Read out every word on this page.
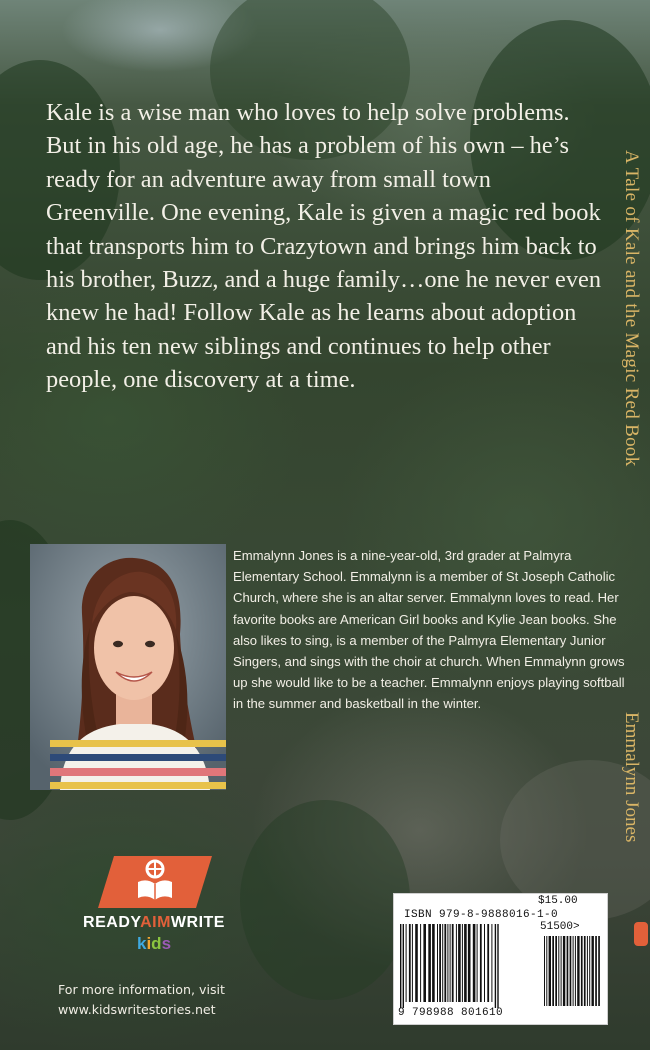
Kale is a wise man who loves to help solve problems. But in his old age, he has a problem of his own – he’s ready for an adventure away from small town Greenville. One evening, Kale is given a magic red book that transports him to Crazytown and brings him back to his brother, Buzz, and a huge family…one he never even knew he had! Follow Kale as he learns about adoption and his ten new siblings and continues to help other people, one discovery at a time.	A Tale of Kale and the Magic Red Book
Emmalynn Jones

Emmalynn Jones is a nine-year-old, 3rd grader at Palmyra Elementary School. Emmalynn is a member of St Joseph Catholic Church, where she is an altar server. Emmalynn loves to read. Her favorite books are American Girl books and Kylie Jean books. She also likes to sing, is a member of the Palmyra Elementary Junior Singers, and sings with the choir at church. When Emmalynn grows up she would like to be a teacher. Emmalynn enjoys playing softball in the summer and basketball in the winter.

READYAIMWRITE
kids

For more information, visit
www.kidswritestories.net

$15.00
ISBN 979-8-9888016-1-0
51500>
9 798988 801610
